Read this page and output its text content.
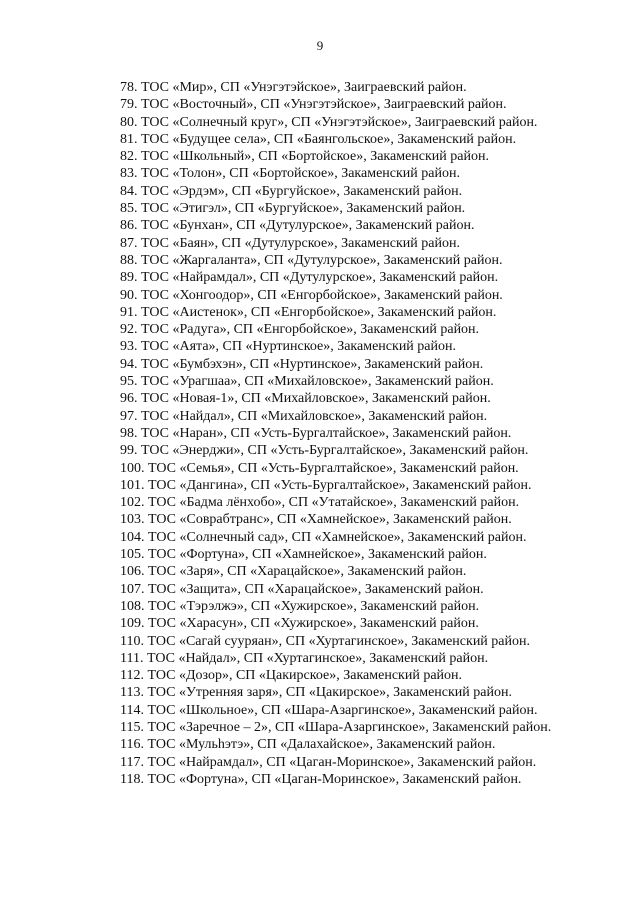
9

78. ТОС «Мир», СП «Унэгэтэйское», Заиграевский район.

79. ТОС «Восточный», СП «Унэгэтэйское», Заиграевский район.

80. ТОС «Солнечный круг», СП «Унэгэтэйское», Заиграевский район.

81. ТОС «Будущее села», СП «Баянгольское», Закаменский район.

82. ТОС «Школьный», СП «Бортойское», Закаменский район.

83. ТОС «Толон», СП «Бортойское», Закаменский район.

84. ТОС «Эрдэм», СП «Бургуйское», Закаменский район.

85. ТОС «Этигэл», СП «Бургуйское», Закаменский район.

86. ТОС «Бунхан», СП «Дутулурское», Закаменский район.

87. ТОС «Баян», СП «Дутулурское», Закаменский район.

88. ТОС «Жаргаланта», СП «Дутулурское», Закаменский район.

89. ТОС «Найрамдал», СП «Дутулурское», Закаменский район.

90. ТОС «Хонгоодор», СП «Енгорбойское», Закаменский район.

91. ТОС «Аистенок», СП «Енгорбойское», Закаменский район.

92. ТОС «Радуга», СП «Енгорбойское», Закаменский район.

93. ТОС «Аята», СП «Нуртинское», Закаменский район.

94. ТОС «Бумбэхэн», СП «Нуртинское», Закаменский район.

95. ТОС «Урагшаа», СП «Михайловское», Закаменский район.

96. ТОС «Новая-1», СП «Михайловское», Закаменский район.

97. ТОС «Найдал», СП «Михайловское», Закаменский район.

98. ТОС «Наран», СП «Усть-Бургалтайское», Закаменский район.

99. ТОС «Энерджи», СП «Усть-Бургалтайское», Закаменский район.

100. ТОС «Семья», СП «Усть-Бургалтайское», Закаменский район.

101. ТОС «Дангина», СП «Усть-Бургалтайское», Закаменский район.

102. ТОС «Бадма лёнхобо», СП «Утатайское», Закаменский район.

103. ТОС «Соврабтранс», СП «Хамнейское», Закаменский район.

104. ТОС «Солнечный сад», СП «Хамнейское», Закаменский район.

105. ТОС «Фортуна», СП «Хамнейское», Закаменский район.

106. ТОС «Заря», СП «Харацайское», Закаменский район.

107. ТОС «Защита», СП «Харацайское», Закаменский район.

108. ТОС «Тэрэлжэ», СП «Хужирское», Закаменский район.

109. ТОС «Харасун», СП «Хужирское», Закаменский район.

110. ТОС «Сагай сууряан», СП «Хуртагинское», Закаменский район.

111. ТОС «Найдал», СП «Хуртагинское», Закаменский район.

112. ТОС «Дозор», СП «Цакирское», Закаменский район.

113. ТОС «Утренняя заря», СП «Цакирское», Закаменский район.

114. ТОС «Школьное», СП «Шара-Азаргинское», Закаменский район.

115. ТОС «Заречное – 2», СП «Шара-Азаргинское», Закаменский район.

116. ТОС «Мульһэтэ», СП «Далахайское», Закаменский район.

117. ТОС «Найрамдал», СП «Цаган-Моринское», Закаменский район.

118. ТОС «Фортуна», СП «Цаган-Моринское», Закаменский район.
